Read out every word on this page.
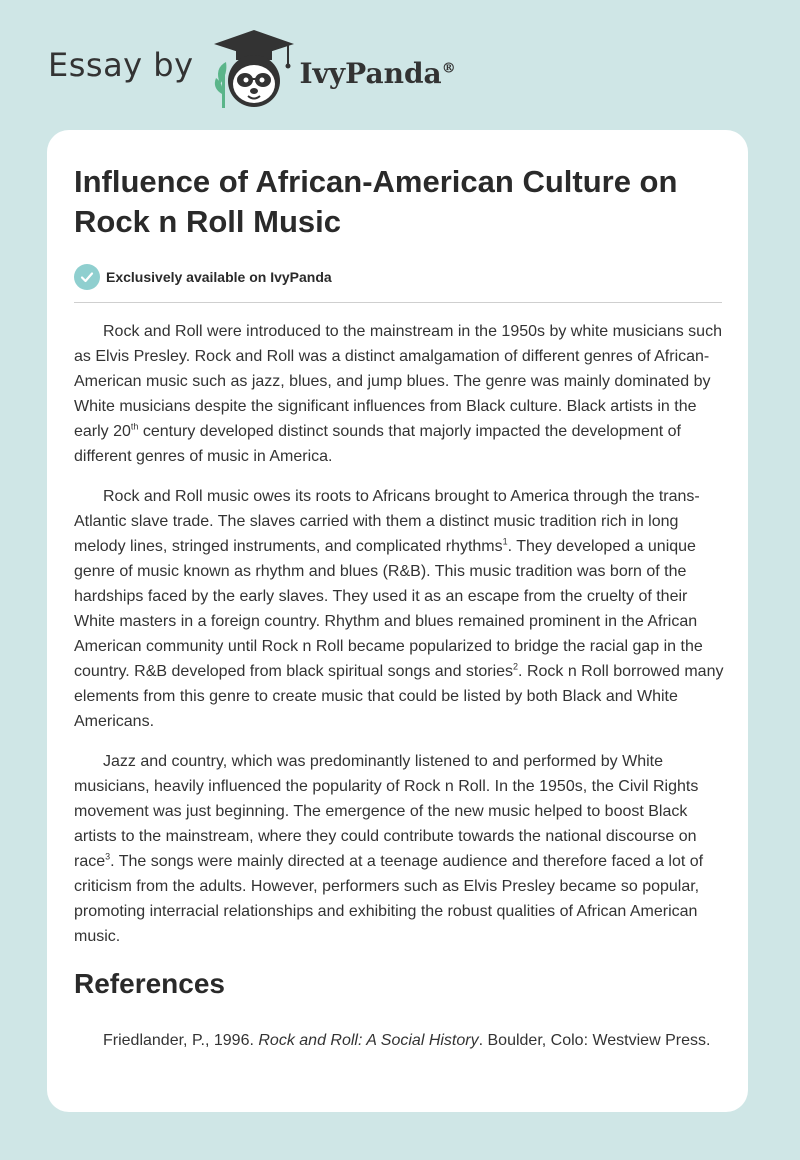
Essay by	IvyPanda®
Influence of African-American Culture on Rock n Roll Music
Exclusively available on IvyPanda

Rock and Roll were introduced to the mainstream in the 1950s by white musicians such as Elvis Presley. Rock and Roll was a distinct amalgamation of different genres of African-American music such as jazz, blues, and jump blues. The genre was mainly dominated by White musicians despite the significant influences from Black culture. Black artists in the early 20th century developed distinct sounds that majorly impacted the development of different genres of music in America.

Rock and Roll music owes its roots to Africans brought to America through the trans-Atlantic slave trade. The slaves carried with them a distinct music tradition rich in long melody lines, stringed instruments, and complicated rhythms$^1$. They developed a unique genre of music known as rhythm and blues (R&B). This music tradition was born of the hardships faced by the early slaves. They used it as an escape from the cruelty of their White masters in a foreign country. Rhythm and blues remained prominent in the African American community until Rock n Roll became popularized to bridge the racial gap in the country. R&B developed from black spiritual songs and stories$^2$. Rock n Roll borrowed many elements from this genre to create music that could be listed by both Black and White Americans.

Jazz and country, which was predominantly listened to and performed by White musicians, heavily influenced the popularity of Rock n Roll. In the 1950s, the Civil Rights movement was just beginning. The emergence of the new music helped to boost Black artists to the mainstream, where they could contribute towards the national discourse on race$^3$. The songs were mainly directed at a teenage audience and therefore faced a lot of criticism from the adults. However, performers such as Elvis Presley became so popular, promoting interracial relationships and exhibiting the robust qualities of African American music.

References

Friedlander, P., 1996. Rock and Roll: A Social History. Boulder, Colo: Westview Press.
